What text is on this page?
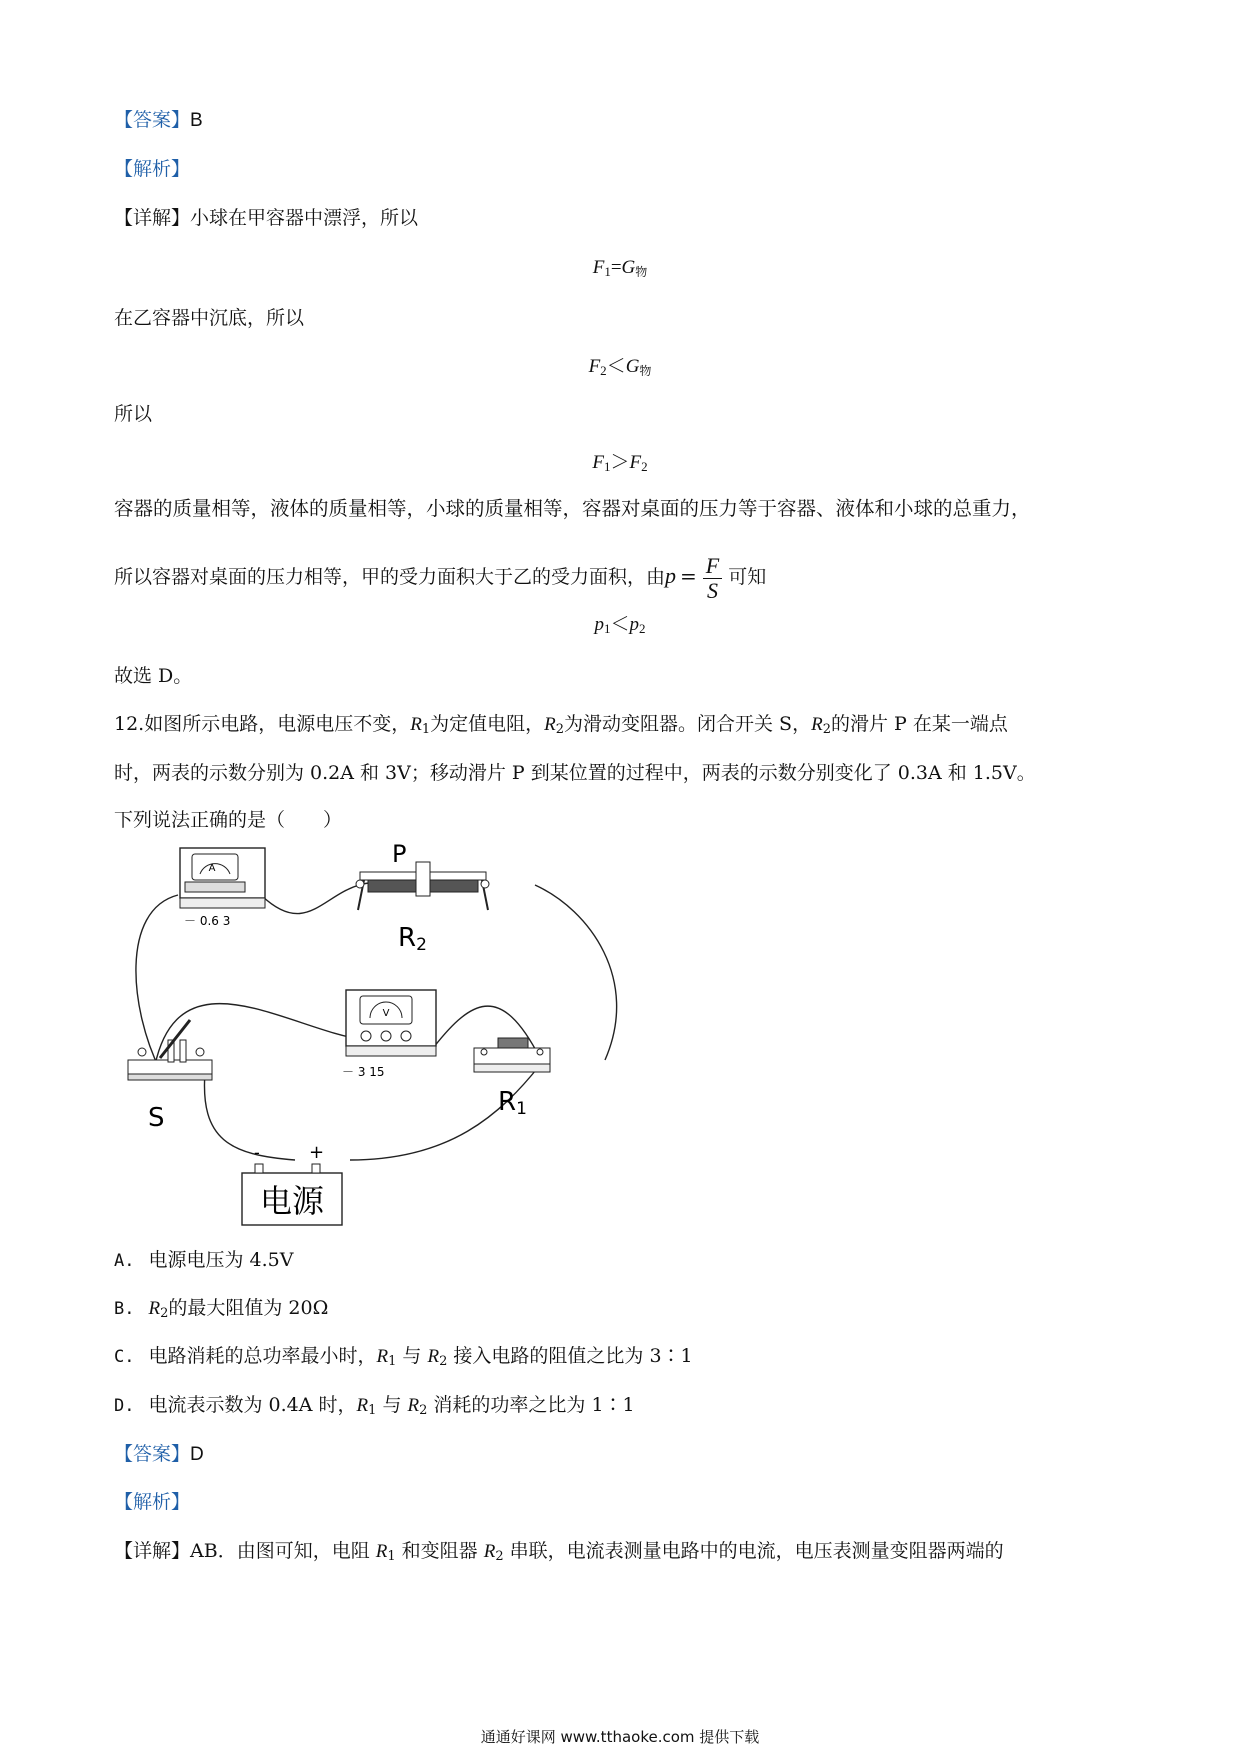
【答案】B
【解析】
【详解】小球在甲容器中漂浮，所以
$F_1=G$物
在乙容器中沉底，所以
$F_2<G$物
所以
$F_1>F_2$
容器的质量相等，液体的质量相等，小球的质量相等，容器对桌面的压力等于容器、液体和小球的总重力，
所以容器对桌面的压力相等，甲的受力面积大于乙的受力面积，由$p = \frac{F}{S}$ 可知
$p_1<p_2$
故选 D。
12.如图所示电路，电源电压不变，R1为定值电阻，R2为滑动变阻器。闭合开关 S，R2的滑片 P 在某一端点
时，两表的示数分别为 0.2A 和 3V；移动滑片 P 到某位置的过程中，两表的示数分别变化了 0.3A 和 1.5V。
下列说法正确的是（　　）
A
－ 0.6 3
P
R2
V
－ 3 15
R1
S
-	+
电源
A. 电源电压为 4.5V
B. R2的最大阻值为 20Ω
C. 电路消耗的总功率最小时，R1 与 R2 接入电路的阻值之比为 3∶1
D. 电流表示数为 0.4A 时，R1 与 R2 消耗的功率之比为 1∶1
【答案】D
【解析】
【详解】AB．由图可知，电阻 R1 和变阻器 R2 串联，电流表测量电路中的电流，电压表测量变阻器两端的
通通好课网 www.tthaoke.com 提供下载
